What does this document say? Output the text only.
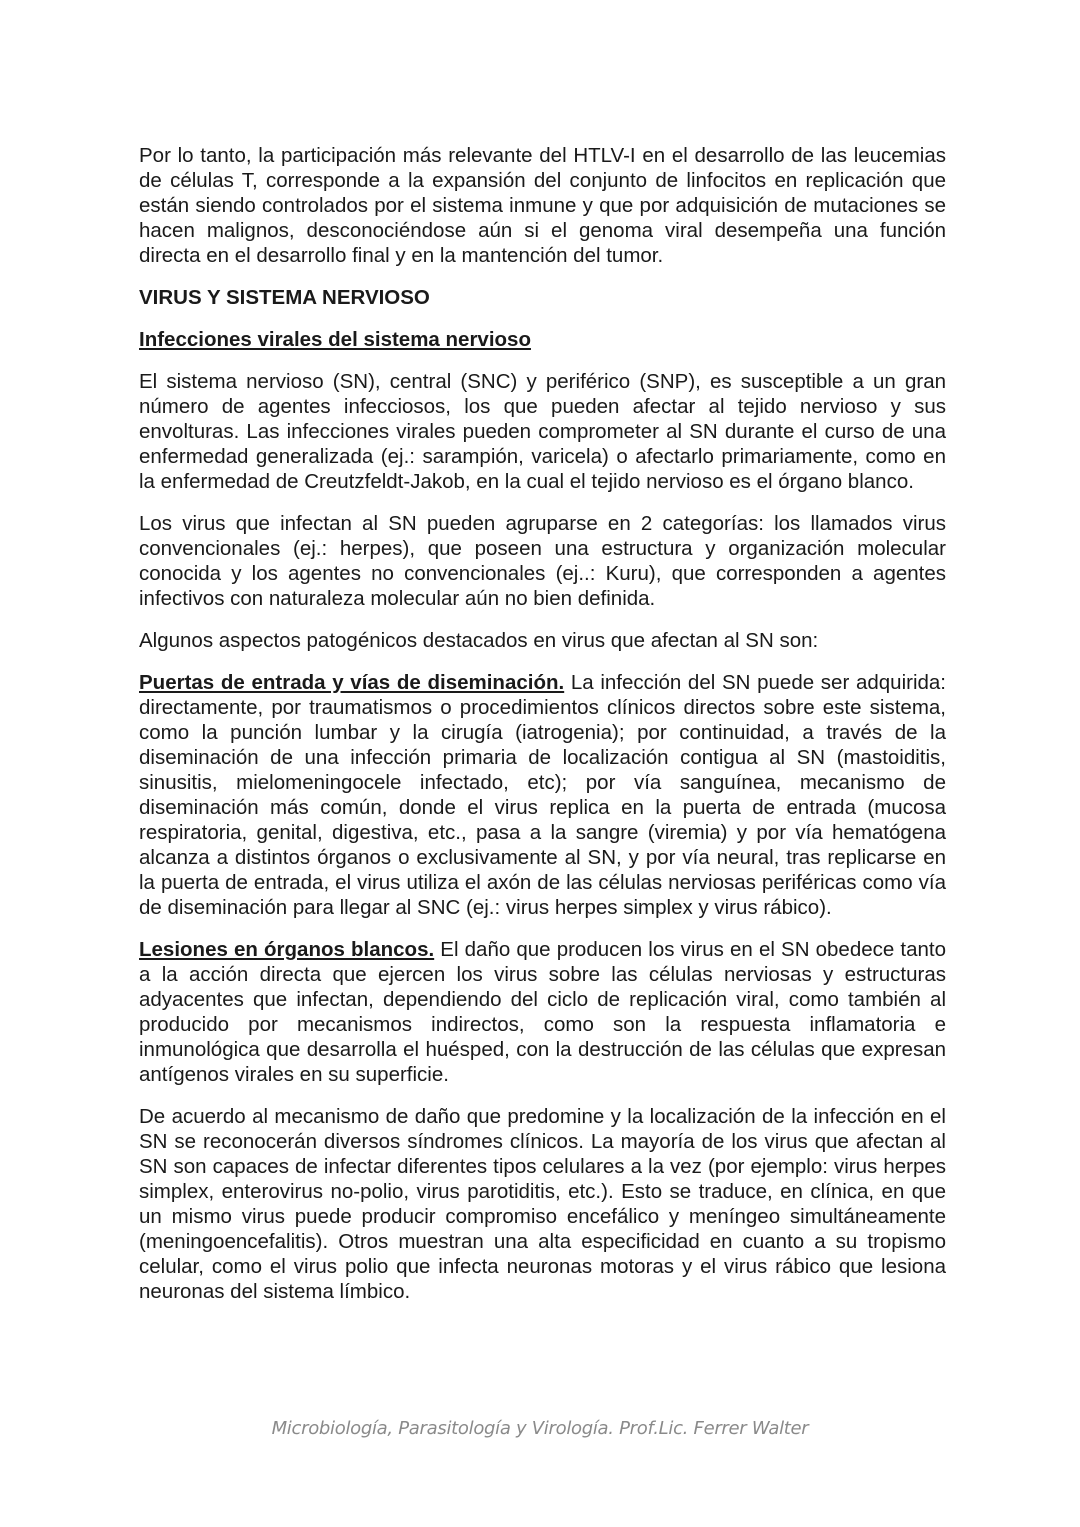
Por lo tanto, la participación más relevante del HTLV-I en el desarrollo de las leucemias de células T, corresponde a la expansión del conjunto de linfocitos en replicación que están siendo controlados por el sistema inmune y que por adquisición de mutaciones se hacen malignos, desconociéndose aún si el genoma viral desempeña una función directa en el desarrollo final y en la mantención del tumor.

VIRUS Y SISTEMA NERVIOSO
Infecciones virales del sistema nervioso

El sistema nervioso (SN), central (SNC) y periférico (SNP), es susceptible a un gran número de agentes infecciosos, los que pueden afectar al tejido nervioso y sus envolturas. Las infecciones virales pueden comprometer al SN durante el curso de una enfermedad generalizada (ej.: sarampión, varicela) o afectarlo primariamente, como en la enfermedad de Creutzfeldt-Jakob, en la cual el tejido nervioso es el órgano blanco.

Los virus que infectan al SN pueden agruparse en 2 categorías: los llamados virus convencionales (ej.: herpes), que poseen una estructura y organización molecular conocida y los agentes no convencionales (ej..: Kuru), que corresponden a agentes infectivos con naturaleza molecular aún no bien definida.

Algunos aspectos patogénicos destacados en virus que afectan al SN son:

Puertas de entrada y vías de diseminación. La infección del SN puede ser adquirida: directamente, por traumatismos o procedimientos clínicos directos sobre este sistema, como la punción lumbar y la cirugía (iatrogenia); por continuidad, a través de la diseminación de una infección primaria de localización contigua al SN (mastoiditis, sinusitis, mielomeningocele infectado, etc); por vía sanguínea, mecanismo de diseminación más común, donde el virus replica en la puerta de entrada (mucosa respiratoria, genital, digestiva, etc., pasa a la sangre (viremia) y por vía hematógena alcanza a distintos órganos o exclusivamente al SN, y por vía neural, tras replicarse en la puerta de entrada, el virus utiliza el axón de las células nerviosas periféricas como vía de diseminación para llegar al SNC (ej.: virus herpes simplex y virus rábico).

Lesiones en órganos blancos. El daño que producen los virus en el SN obedece tanto a la acción directa que ejercen los virus sobre las células nerviosas y estructuras adyacentes que infectan, dependiendo del ciclo de replicación viral, como también al producido por mecanismos indirectos, como son la respuesta inflamatoria e inmunológica que desarrolla el huésped, con la destrucción de las células que expresan antígenos virales en su superficie.

De acuerdo al mecanismo de daño que predomine y la localización de la infección en el SN se reconocerán diversos síndromes clínicos. La mayoría de los virus que afectan al SN son capaces de infectar diferentes tipos celulares a la vez (por ejemplo: virus herpes simplex, enterovirus no-polio, virus parotiditis, etc.). Esto se traduce, en clínica, en que un mismo virus puede producir compromiso encefálico y meníngeo simultáneamente (meningoencefalitis). Otros muestran una alta especificidad en cuanto a su tropismo celular, como el virus polio que infecta neuronas motoras y el virus rábico que lesiona neuronas del sistema límbico.

Microbiología, Parasitología y Virología. Prof.Lic. Ferrer Walter
